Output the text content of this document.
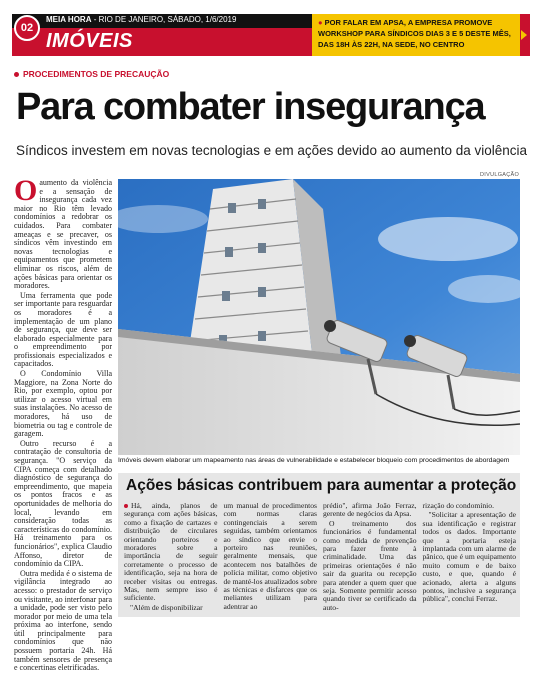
02
MEIA HORA - RIO DE JANEIRO, SÁBADO, 1/6/2019
IMÓVEIS
● POR FALAR EM APSA, A EMPRESA PROMOVE WORKSHOP PARA SÍNDICOS DIAS 3 E 5 DESTE MÊS, DAS 18H ÀS 22H, NA SEDE, NO CENTRO
PROCEDIMENTOS DE PRECAUÇÃO
Para combater insegurança
Síndicos investem em novas tecnologias e em ações devido ao aumento da violência
DIVULGAÇÃO
Imóveis devem elaborar um mapeamento nas áreas de vulnerabilidade e estabelecer bloqueio com procedimentos de abordagem

Oaumento da violência e a sensação de insegurança cada vez maior no Rio têm levado condomínios a redobrar os cuidados. Para combater ameaças e se precaver, os síndicos vêm investindo em novas tecnologias e equipamentos que prometem eliminar os riscos, além de ações básicas para orientar os moradores.

Uma ferramenta que pode ser importante para resguardar os moradores é a implementação de um plano de segurança, que deve ser elaborado especialmente para o empreendimento por profissionais especializados e capacitados.

O Condomínio Villa Maggiore, na Zona Norte do Rio, por exemplo, optou por utilizar o acesso virtual em suas instalações. No acesso de moradores, há uso de biometria ou tag e controle de garagem.

Outro recurso é a contratação de consultoria de segurança. "O serviço da CIPA começa com detalhado diagnóstico de segurança do empreendimento, que mapeia os pontos fracos e as oportunidades de melhoria do local, levando em consideração todas as características do condomínio. Há treinamento para os funcionários", explica Claudio Affonso, diretor de condomínio da CIPA.

Outra medida é o sistema de vigilância integrado ao acesso: o prestador de serviço ou visitante, ao interfonar para a unidade, pode ser visto pelo morador por meio de uma tela próxima ao interfone, sendo útil principalmente para condomínios que não possuem portaria 24h. Há também sensores de presença e concertinas eletrificadas.

Ações básicas contribuem para aumentar a proteção

Há, ainda, planos de segurança com ações básicas, como a fixação de cartazes e distribuição de circulares orientando porteiros e moradores sobre a importância de seguir corretamente o processo de identificação, seja na hora de receber visitas ou entregas. Mas, nem sempre isso é suficiente.

"Além de disponibilizar

um manual de procedimentos com normas claras contingenciais a serem seguidas, também orientamos ao síndico que envie o porteiro nas reuniões, geralmente mensais, que acontecem nos batalhões de polícia militar, como objetivo de manté-los atualizados sobre as técnicas e disfarces que os meliantes utilizam para adentrar ao

prédio", afirma João Ferraz, gerente de negócios da Apsa.

O treinamento dos funcionários é fundamental como medida de prevenção para fazer frente à criminalidade. Uma das primeiras orientações é não sair da guarita ou recepção para atender a quem quer que seja. Somente permitir acesso quando tiver se certificado da auto-

rização do condomínio.

"Solicitar a apresentação de sua identificação e registrar todos os dados. Importante que a portaria esteja implantada com um alarme de pânico, que é um equipamento muito comum e de baixo custo, e que, quando é acionado, alerta a alguns pontos, inclusive a segurança pública", conclui Ferraz.
